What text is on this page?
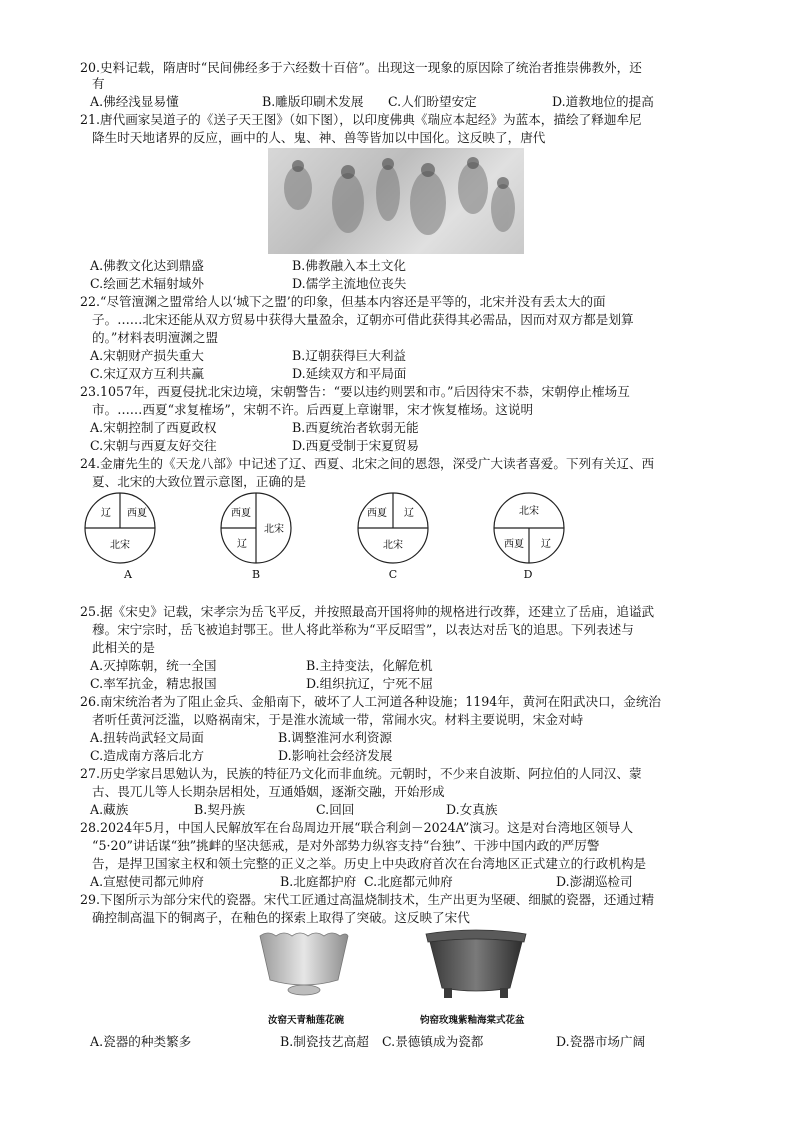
20.史料记载，隋唐时“民间佛经多于六经数十百倍”。出现这一现象的原因除了统治者推崇佛教外，还
有
A.佛经浅显易懂	B.雕版印刷术发展 C.人们盼望安定	D.道教地位的提高
21.唐代画家吴道子的《送子天王图》（如下图），以印度佛典《瑞应本起经》为蓝本，描绘了释迦牟尼
降生时天地诸界的反应，画中的人、鬼、神、兽等皆加以中国化。这反映了，唐代
A.佛教文化达到鼎盛	B.佛教融入本土文化
C.绘画艺术辐射域外	D.儒学主流地位丧失
22.“尽管澶渊之盟常给人以‘城下之盟’的印象，但基本内容还是平等的，北宋并没有丢太大的面
子。……北宋还能从双方贸易中获得大量盈余，辽朝亦可借此获得其必需品，因而对双方都是划算
的。”材料表明澶渊之盟
A.宋朝财产损失重大	B.辽朝获得巨大利益
C.宋辽双方互利共赢	D.延续双方和平局面
23.1057年，西夏侵扰北宋边境，宋朝警告：“要以违约则罢和市。”后因待宋不恭，宋朝停止榷场互
市。……西夏“求复榷场”，宋朝不许。后西夏上章谢罪，宋才恢复榷场。这说明
A.宋朝控制了西夏政权	B.西夏统治者软弱无能
C.宋朝与西夏友好交往	D.西夏受制于宋夏贸易
24.金庸先生的《天龙八部》中记述了辽、西夏、北宋之间的恩怨，深受广大读者喜爱。下列有关辽、西
夏、北宋的大致位置示意图，正确的是
辽 西夏
北宋
A
西夏
辽
北宋
B
西夏 辽
北宋
C
北宋
西夏 辽
D
25.据《宋史》记载，宋孝宗为岳飞平反，并按照最高开国将帅的规格进行改葬，还建立了岳庙，追谥武
穆。宋宁宗时，岳飞被追封鄂王。世人将此举称为“平反昭雪”，以表达对岳飞的追思。下列表述与
此相关的是
A.灭掉陈朝，统一全国	B.主持变法，化解危机
C.率军抗金，精忠报国	D.组织抗辽，宁死不屈
26.南宋统治者为了阻止金兵、金船南下，破坏了人工河道各种设施；1194年，黄河在阳武决口，金统治
者听任黄河泛滥，以赂祸南宋，于是淮水流域一带，常闹水灾。材料主要说明，宋金对峙
A.扭转尚武轻文局面	B.调整淮河水利资源
C.造成南方落后北方	D.影响社会经济发展
27.历史学家吕思勉认为，民族的特征乃文化而非血统。元朝时，不少来自波斯、阿拉伯的人同汉、蒙
古、畏兀儿等人长期杂居相处，互通婚姻，逐渐交融，开始形成
A.藏族	B.契丹族	C.回回	D.女真族
28.2024年5月，中国人民解放军在台岛周边开展“联合利剑－2024A”演习。这是对台湾地区领导人
“5·20”讲话谋“独”挑衅的坚决惩戒，是对外部势力纵容支持“台独”、干涉中国内政的严厉警
告，是捍卫国家主权和领土完整的正义之举。历史上中央政府首次在台湾地区正式建立的行政机构是
A.宣慰使司都元帅府	B.北庭都护府 C.北庭都元帅府	D.澎湖巡检司
29.下图所示为部分宋代的瓷器。宋代工匠通过高温烧制技术，生产出更为坚硬、细腻的瓷器，还通过精
确控制高温下的铜离子，在釉色的探索上取得了突破。这反映了宋代
汝窑天青釉莲花碗	钧窑玫瑰紫釉海棠式花盆
A.瓷器的种类繁多	B.制瓷技艺高超 C.景德镇成为瓷都	D.瓷器市场广阔
